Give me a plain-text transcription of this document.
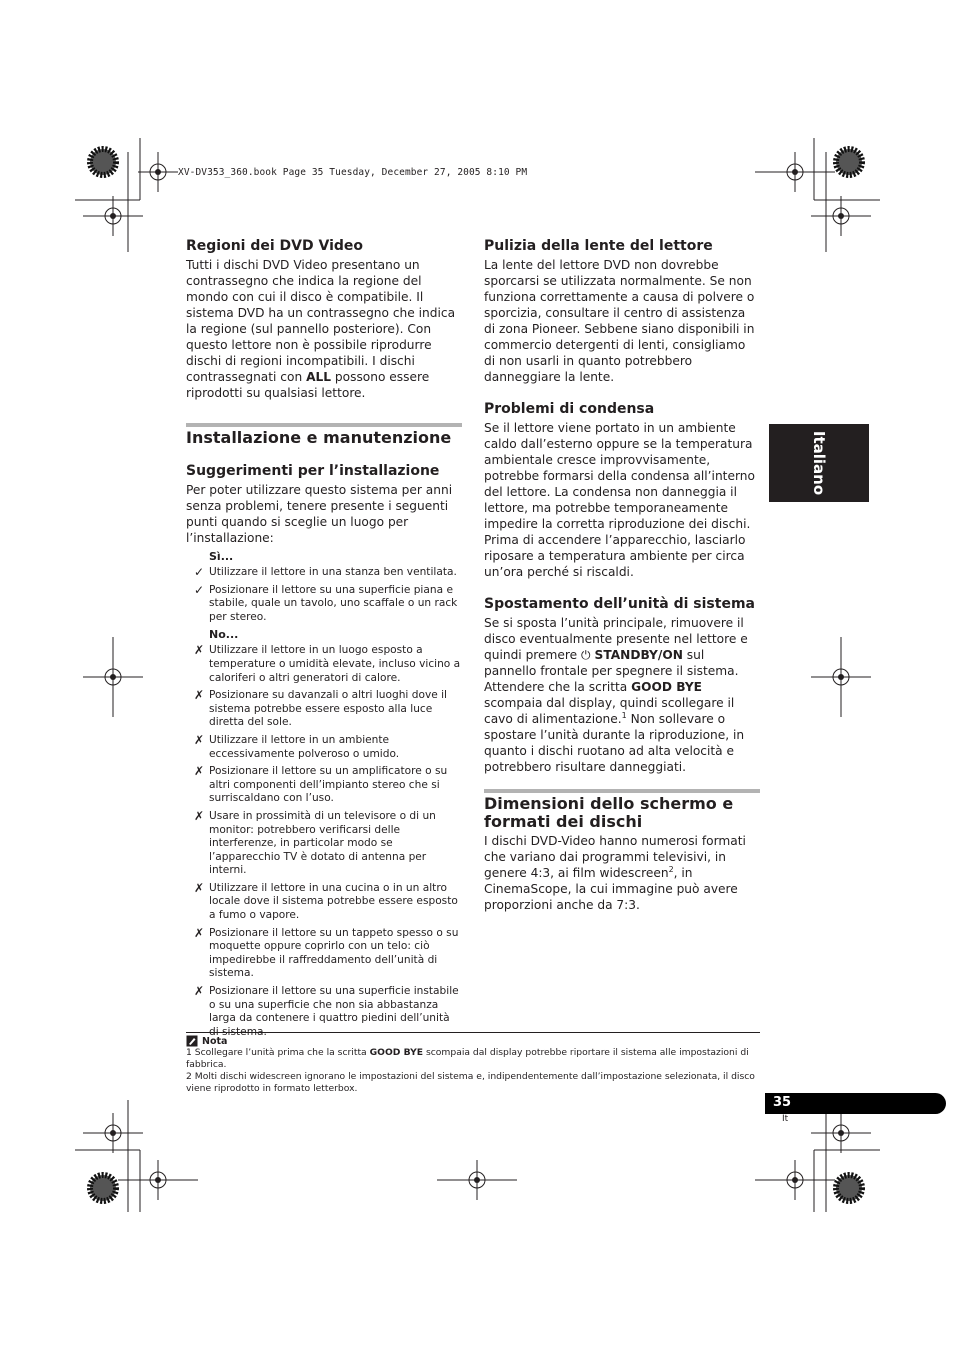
XV-DV353_360.book Page 35 Tuesday, December 27, 2005 8:10 PM
Italiano
Regioni dei DVD Video

Tutti i dischi DVD Video presentano un contrassegno che indica la regione del mondo con cui il disco è compatibile. Il sistema DVD ha un contrassegno che indica la regione (sul pannello posteriore). Con questo lettore non è possibile riprodurre dischi di regioni incompatibili. I dischi contrassegnati con ALL possono essere riprodotti su qualsiasi lettore.

Installazione e manutenzione
Suggerimenti per l’installazione

Per poter utilizzare questo sistema per anni senza problemi, tenere presente i seguenti punti quando si sceglie un luogo per l’installazione:

Sì...
✓ Utilizzare il lettore in una stanza ben ventilata.
✓ Posizionare il lettore su una superficie piana e stabile, quale un tavolo, uno scaffale o un rack per stereo.
No...
✗ Utilizzare il lettore in un luogo esposto a temperature o umidità elevate, incluso vicino a caloriferi o altri generatori di calore.
✗ Posizionare su davanzali o altri luoghi dove il sistema potrebbe essere esposto alla luce diretta del sole.
✗ Utilizzare il lettore in un ambiente eccessivamente polveroso o umido.
✗ Posizionare il lettore su un amplificatore o su altri componenti dell’impianto stereo che si surriscaldano con l’uso.
✗ Usare in prossimità di un televisore o di un monitor: potrebbero verificarsi delle interferenze, in particolar modo se l’apparecchio TV è dotato di antenna per interni.
✗ Utilizzare il lettore in una cucina o in un altro locale dove il sistema potrebbe essere esposto a fumo o vapore.
✗ Posizionare il lettore su un tappeto spesso o su moquette oppure coprirlo con un telo: ciò impedirebbe il raffreddamento dell’unità di sistema.
✗ Posizionare il lettore su una superficie instabile o su una superficie che non sia abbastanza larga da contenere i quattro piedini dell’unità di sistema.
Pulizia della lente del lettore

La lente del lettore DVD non dovrebbe sporcarsi se utilizzata normalmente. Se non funziona correttamente a causa di polvere o sporcizia, consultare il centro di assistenza di zona Pioneer. Sebbene siano disponibili in commercio detergenti di lenti, consigliamo di non usarli in quanto potrebbero danneggiare la lente.

Problemi di condensa

Se il lettore viene portato in un ambiente caldo dall’esterno oppure se la temperatura ambientale cresce improvvisamente, potrebbe formarsi della condensa all’interno del lettore. La condensa non danneggia il lettore, ma potrebbe temporaneamente impedire la corretta riproduzione dei dischi. Prima di accendere l’apparecchio, lasciarlo riposare a temperatura ambiente per circa un’ora perché si riscaldi.

Spostamento dell’unità di sistema

Se si sposta l’unità principale, rimuovere il disco eventualmente presente nel lettore e quindi premere ⏻ STANDBY/ON sul pannello frontale per spegnere il sistema. Attendere che la scritta GOOD BYE scompaia dal display, quindi scollegare il cavo di alimentazione.$^1$ Non sollevare o spostare l’unità durante la riproduzione, in quanto i dischi ruotano ad alta velocità e potrebbero risultare danneggiati.

Dimensioni dello schermo e formati dei dischi

I dischi DVD-Video hanno numerosi formati che variano dai programmi televisivi, in genere 4:3, ai film widescreen$^2$, in CinemaScope, la cui immagine può avere proporzioni anche da 7:3.

Nota
1 Scollegare l’unità prima che la scritta GOOD BYE scompaia dal display potrebbe riportare il sistema alle impostazioni di fabbrica.
2 Molti dischi widescreen ignorano le impostazioni del sistema e, indipendentemente dall’impostazione selezionata, il disco viene riprodotto in formato letterbox.
35
It
